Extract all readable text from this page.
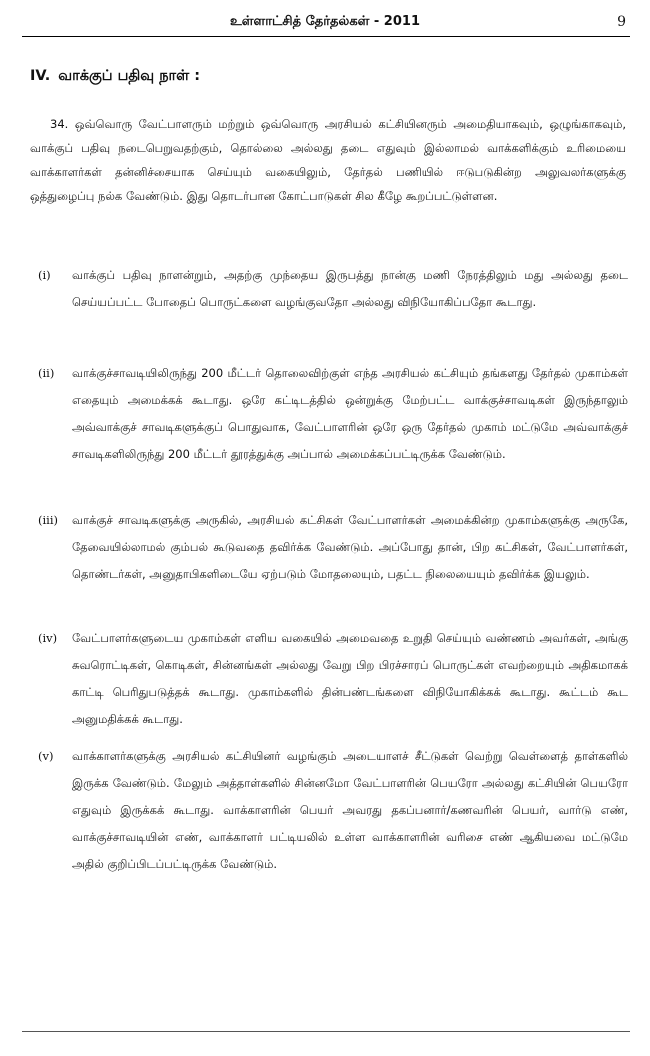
உள்ளாட்சித் தேர்தல்கள் - 2011	9
IV. வாக்குப் பதிவு நாள் :

34. ஒவ்வொரு வேட்பாளரும் மற்றும் ஒவ்வொரு அரசியல் கட்சியினரும் அமைதியாகவும், ஒழுங்காகவும், வாக்குப் பதிவு நடைபெறுவதற்கும், தொல்லை அல்லது தடை எதுவும் இல்லாமல் வாக்களிக்கும் உரிமையை வாக்காளர்கள் தன்னிச்சையாக செய்யும் வகையிலும், தேர்தல் பணியில் ஈடுபடுகின்ற அலுவலர்களுக்கு ஒத்துழைப்பு நல்க வேண்டும். இது தொடர்பான கோட்பாடுகள் சில கீழே கூறப்பட்டுள்ளன.

(i) வாக்குப் பதிவு நாளன்றும், அதற்கு முந்தைய இருபத்து நான்கு மணி நேரத்திலும் மது அல்லது தடை செய்யப்பட்ட போதைப் பொருட்களை வழங்குவதோ அல்லது விநியோகிப்பதோ கூடாது.

(ii) வாக்குச்சாவடியிலிருந்து 200 மீட்டர் தொலைவிற்குள் எந்த அரசியல் கட்சியும் தங்களது தேர்தல் முகாம்கள் எதையும் அமைக்கக் கூடாது. ஒரே கட்டிடத்தில் ஒன்றுக்கு மேற்பட்ட வாக்குச்சாவடிகள் இருந்தாலும் அவ்வாக்குச் சாவடிகளுக்குப் பொதுவாக, வேட்பாளரின் ஒரே ஒரு தேர்தல் முகாம் மட்டுமே அவ்வாக்குச் சாவடிகளிலிருந்து 200 மீட்டர் தூரத்துக்கு அப்பால் அமைக்கப்பட்டிருக்க வேண்டும்.

(iii) வாக்குச் சாவடிகளுக்கு அருகில், அரசியல் கட்சிகள் வேட்பாளர்கள் அமைக்கின்ற முகாம்களுக்கு அருகே, தேவையில்லாமல் கும்பல் கூடுவதை தவிர்க்க வேண்டும். அப்போது தான், பிற கட்சிகள், வேட்பாளர்கள், தொண்டர்கள், அனுதாபிகளிடையே ஏற்படும் மோதலையும், பதட்ட நிலையையும் தவிர்க்க இயலும்.

(iv) வேட்பாளர்களுடைய முகாம்கள் எளிய வகையில் அமைவதை உறுதி செய்யும் வண்ணம் அவர்கள், அங்கு சுவரொட்டிகள், கொடிகள், சின்னங்கள் அல்லது வேறு பிற பிரச்சாரப் பொருட்கள் எவற்றையும் அதிகமாகக் காட்டி பெரிதுபடுத்தக் கூடாது. முகாம்களில் தின்பண்டங்களை விநியோகிக்கக் கூடாது. கூட்டம் கூட அனுமதிக்கக் கூடாது.

(v) வாக்காளர்களுக்கு அரசியல் கட்சியினர் வழங்கும் அடையாளச் சீட்டுகள் வெற்று வெள்ளைத் தாள்களில் இருக்க வேண்டும். மேலும் அத்தாள்களில் சின்னமோ வேட்பாளரின் பெயரோ அல்லது கட்சியின் பெயரோ எதுவும் இருக்கக் கூடாது. வாக்காளரின் பெயர் அவரது தகப்பனார்/கணவரின் பெயர், வார்டு எண், வாக்குச்சாவடியின் எண், வாக்காளர் பட்டியலில் உள்ள வாக்காளரின் வரிசை எண் ஆகியவை மட்டுமே அதில் குறிப்பிடப்பட்டிருக்க வேண்டும்.
